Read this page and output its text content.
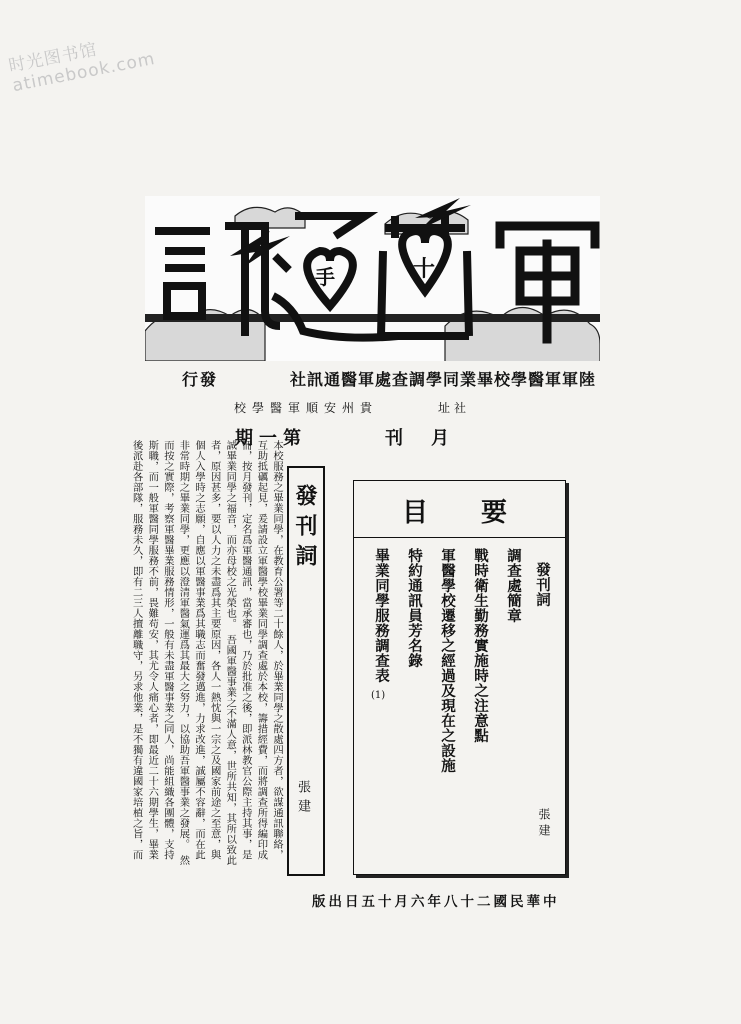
时光图书馆 atimebook.com
十
手
陸軍軍醫學校畢業同學調查處軍醫通訊社
發行
社址
貴州安順軍醫學校
月刊
第一期
本校服務之畢業同學，在教育公署等二十餘人，於畢業同學之散處四方者，欲謀通訊聯絡，互助抵礪起見，爰請設立軍醫學校畢業同學調查處於本校，籌措經費，而將調查所得編印成冊，按月發刊，定名爲軍醫通訊，當承審也，乃於批准之後，即派林教官公際主持其事，是誠畢業同學之福音，而亦母校之光榮也。　吾國軍醫事業之不滿人意，世所共知，其所以致此者，原因甚多，要以人力之未盡爲其主要原因，各人一熱忱與一宗之及國家前途之至意，與個人入學時之志願，自應以軍醫事業爲其職志而奮發邁進，力求改進，誠屬不容辭，而在此非常時期之畢業同學，更應以澄清軍醫氣運爲其最大之努力，以協助吾軍醫事業之發展。　然而按之實際，考察軍醫畢業服務情形，一般有未盡軍醫事業之同人，尚能組織各團體，支持斯職，而一般軍醫同學服務不前，畏難苟安，其尤令人痛心者，即最近二十六期學生，畢業後派赴各部隊，服務未久，即有二三人擅離職守，另求他業，是不獨有違國家培植之旨，而	發刊詞
張建
要
目
發刊詞
張建
調查處簡章
戰時衛生勤務實施時之注意點
軍醫學校遷移之經過及現在之設施
特約通訊員芳名錄
畢業同學服務調查表
(1)
中華民國二十八年六月十五日出版
